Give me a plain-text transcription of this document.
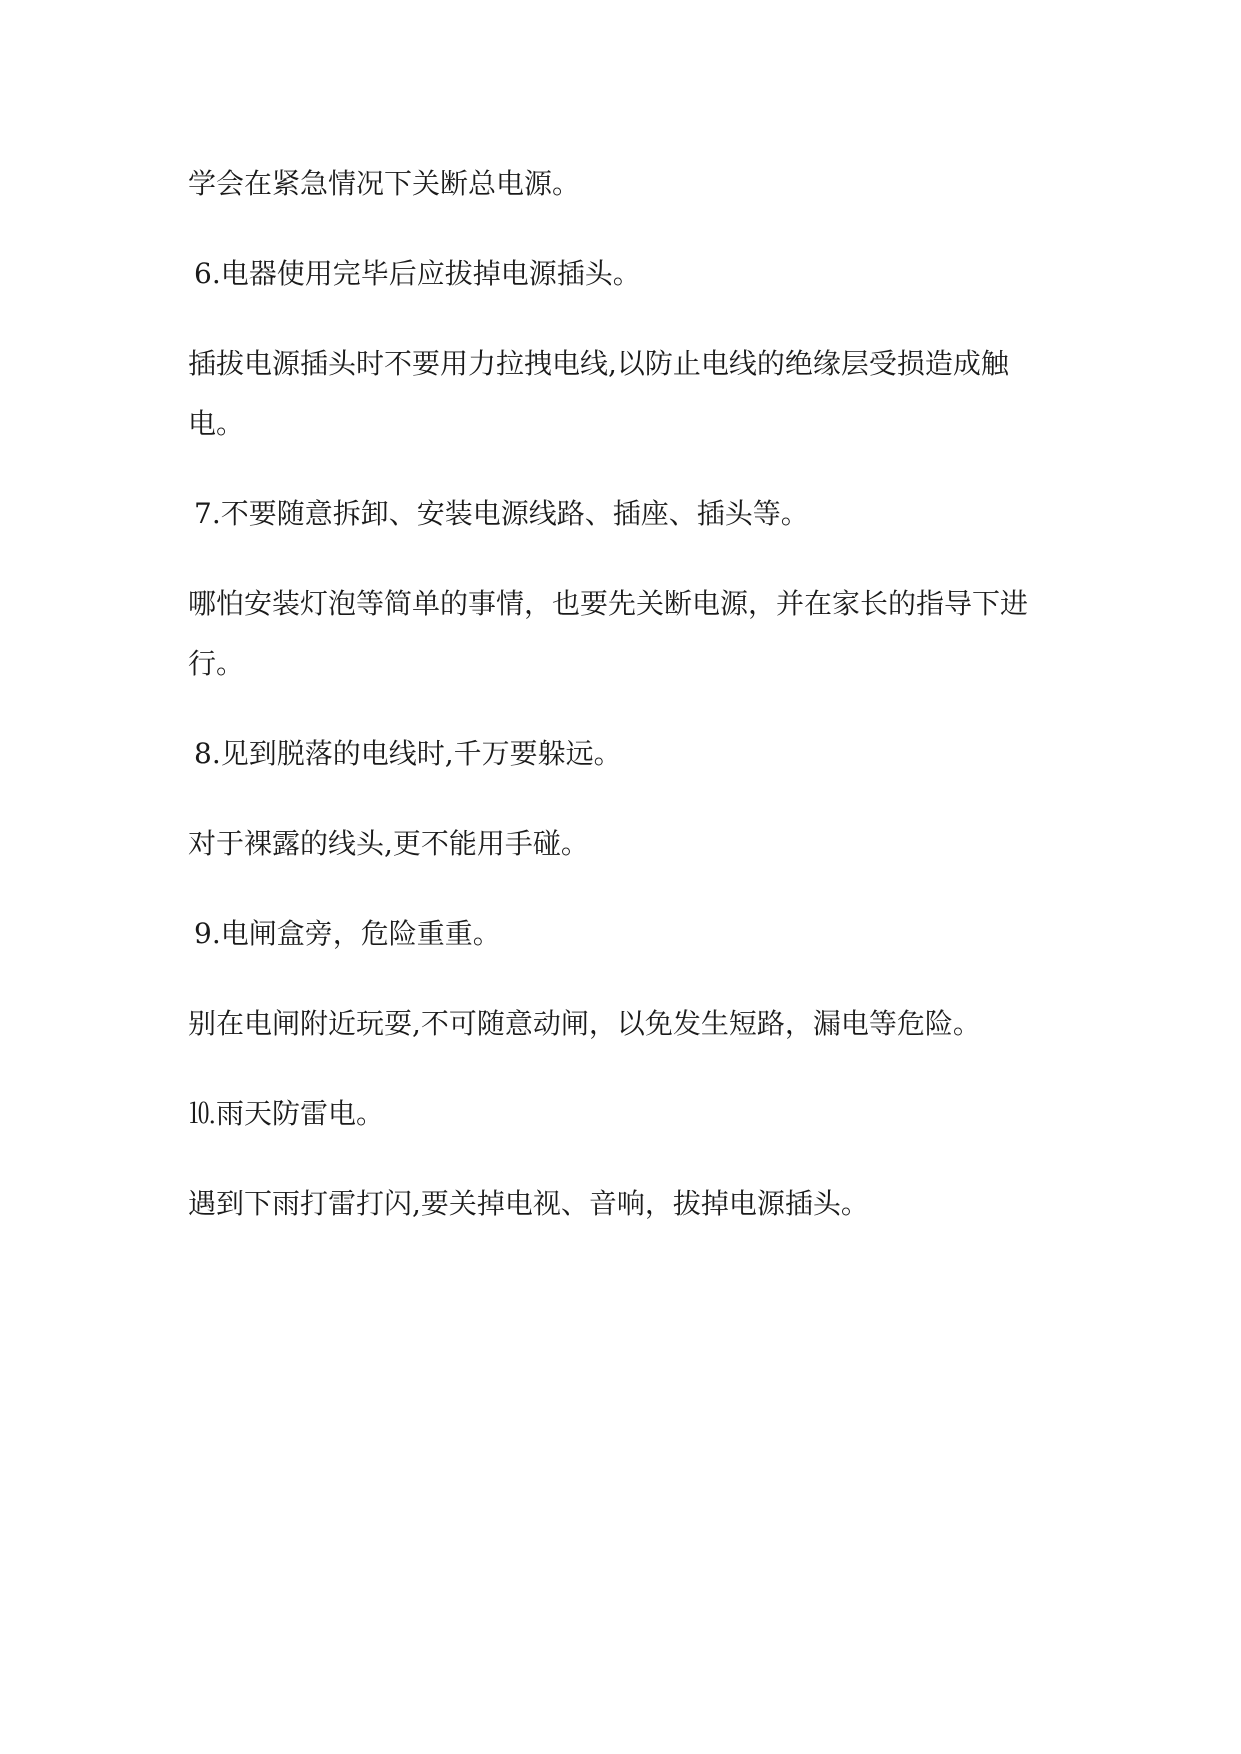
学会在紧急情况下关断总电源。

6.电器使用完毕后应拔掉电源插头。

插拔电源插头时不要用力拉拽电线,以防止电线的绝缘层受损造成触

电。

7.不要随意拆卸、安装电源线路、插座、插头等。

哪怕安装灯泡等简单的事情，也要先关断电源，并在家长的指导下进

行。

8.见到脱落的电线时,千万要躲远。

对于裸露的线头,更不能用手碰。

9.电闸盒旁，危险重重。

别在电闸附近玩耍,不可随意动闸，以免发生短路，漏电等危险。

⒑雨天防雷电。

遇到下雨打雷打闪,要关掉电视、音响，拔掉电源插头。
